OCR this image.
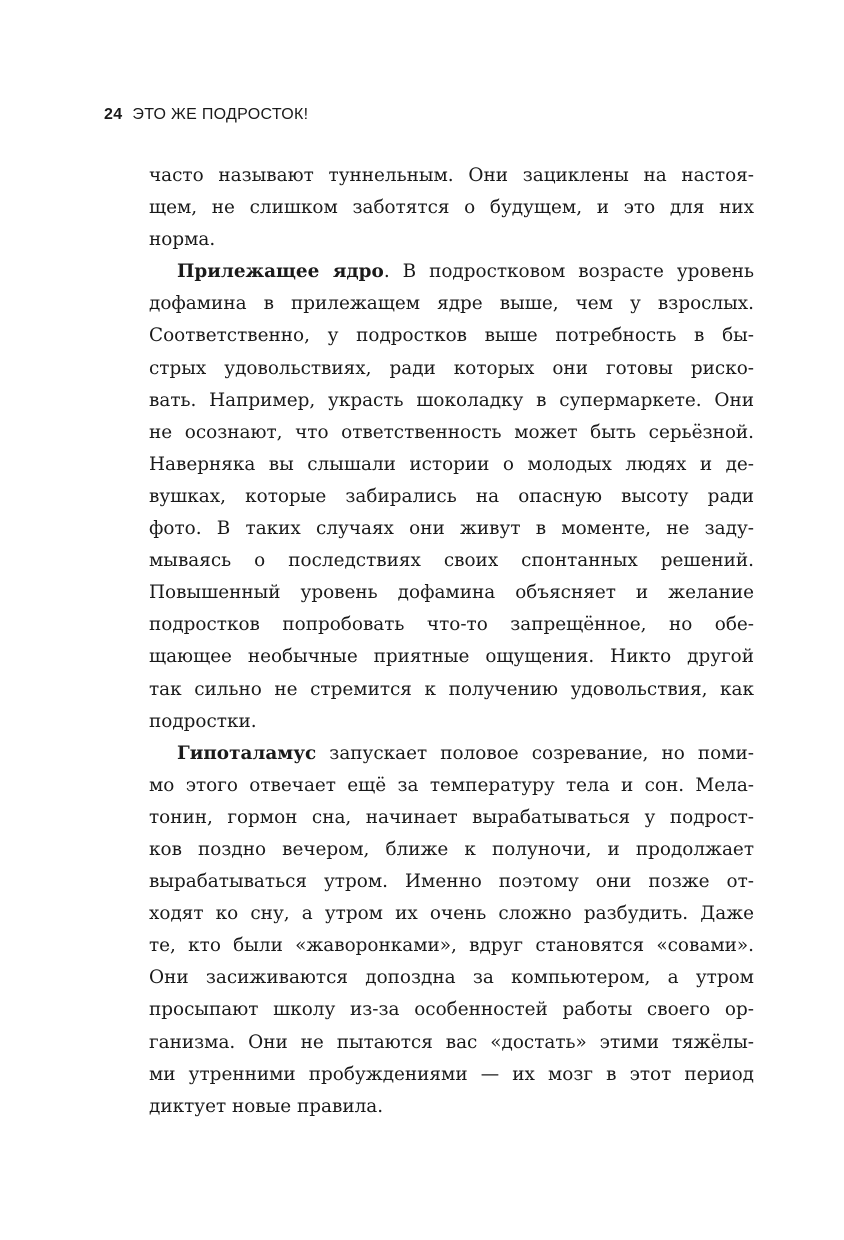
24 ЭТО ЖЕ ПОДРОСТОК!
часто называют туннельным. Они зациклены на настоя-
щем, не слишком заботятся о будущем, и это для них
норма.
Прилежащее ядро. В подростковом возрасте уровень
дофамина в прилежащем ядре выше, чем у взрослых.
Соответственно, у подростков выше потребность в бы-
стрых удовольствиях, ради которых они готовы риско-
вать. Например, украсть шоколадку в супермаркете. Они
не осознают, что ответственность может быть серьёзной.
Наверняка вы слышали истории о молодых людях и де-
вушках, которые забирались на опасную высоту ради
фото. В таких случаях они живут в моменте, не заду-
мываясь о последствиях своих спонтанных решений.
Повышенный уровень дофамина объясняет и желание
подростков попробовать что-то запрещённое, но обе-
щающее необычные приятные ощущения. Никто другой
так сильно не стремится к получению удовольствия, как
подростки.
Гипоталамус запускает половое созревание, но поми-
мо этого отвечает ещё за температуру тела и сон. Мела-
тонин, гормон сна, начинает вырабатываться у подрост-
ков поздно вечером, ближе к полуночи, и продолжает
вырабатываться утром. Именно поэтому они позже от-
ходят ко сну, а утром их очень сложно разбудить. Даже
те, кто были «жаворонками», вдруг становятся «совами».
Они засиживаются допоздна за компьютером, а утром
просыпают школу из-за особенностей работы своего ор-
ганизма. Они не пытаются вас «достать» этими тяжёлы-
ми утренними пробуждениями — их мозг в этот период
диктует новые правила.
